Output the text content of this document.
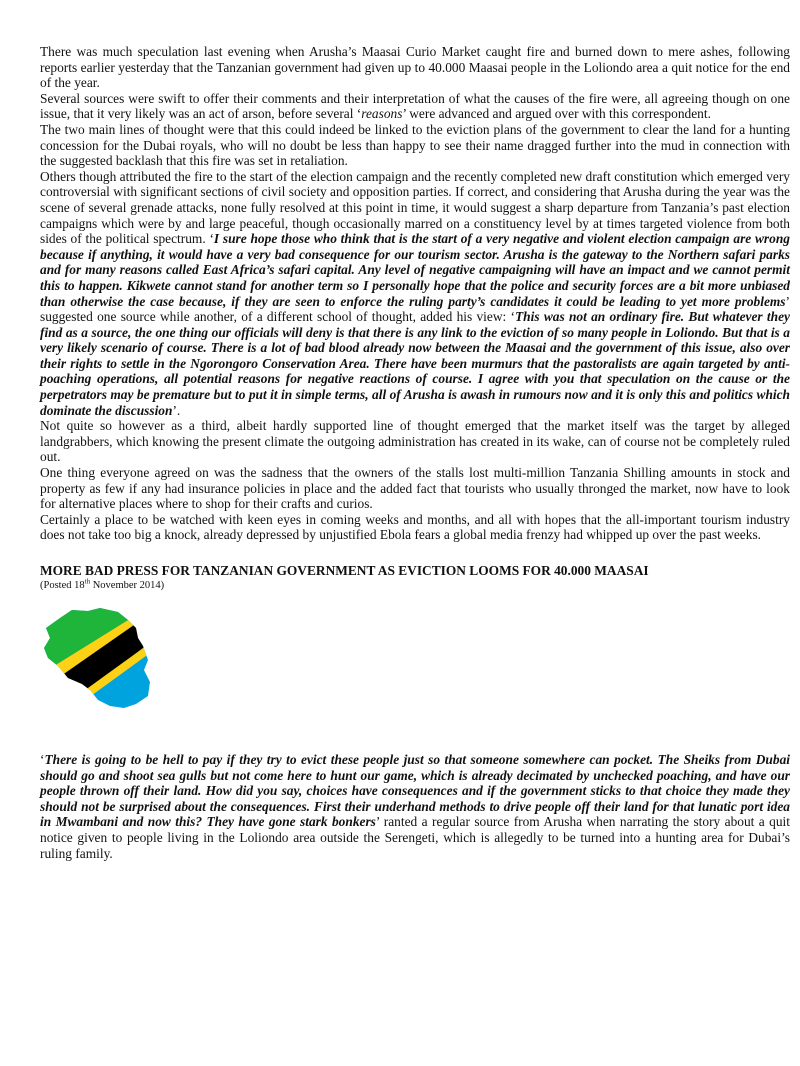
There was much speculation last evening when Arusha’s Maasai Curio Market caught fire and burned down to mere ashes, following reports earlier yesterday that the Tanzanian government had given up to 40.000 Maasai people in the Loliondo area a quit notice for the end of the year.

Several sources were swift to offer their comments and their interpretation of what the causes of the fire were, all agreeing though on one issue, that it very likely was an act of arson, before several ‘reasons’ were advanced and argued over with this correspondent.

The two main lines of thought were that this could indeed be linked to the eviction plans of the government to clear the land for a hunting concession for the Dubai royals, who will no doubt be less than happy to see their name dragged further into the mud in connection with the suggested backlash that this fire was set in retaliation.

Others though attributed the fire to the start of the election campaign and the recently completed new draft constitution which emerged very controversial with significant sections of civil society and opposition parties. If correct, and considering that Arusha during the year was the scene of several grenade attacks, none fully resolved at this point in time, it would suggest a sharp departure from Tanzania’s past election campaigns which were by and large peaceful, though occasionally marred on a constituency level by at times targeted violence from both sides of the political spectrum. ‘I sure hope those who think that is the start of a very negative and violent election campaign are wrong because if anything, it would have a very bad consequence for our tourism sector. Arusha is the gateway to the Northern safari parks and for many reasons called East Africa’s safari capital. Any level of negative campaigning will have an impact and we cannot permit this to happen. Kikwete cannot stand for another term so I personally hope that the police and security forces are a bit more unbiased than otherwise the case because, if they are seen to enforce the ruling party’s candidates it could be leading to yet more problems’ suggested one source while another, of a different school of thought, added his view: ‘This was not an ordinary fire. But whatever they find as a source, the one thing our officials will deny is that there is any link to the eviction of so many people in Loliondo. But that is a very likely scenario of course. There is a lot of bad blood already now between the Maasai and the government of this issue, also over their rights to settle in the Ngorongoro Conservation Area. There have been murmurs that the pastoralists are again targeted by anti-poaching operations, all potential reasons for negative reactions of course. I agree with you that speculation on the cause or the perpetrators may be premature but to put it in simple terms, all of Arusha is awash in rumours now and it is only this and politics which dominate the discussion’.

Not quite so however as a third, albeit hardly supported line of thought emerged that the market itself was the target by alleged landgrabbers, which knowing the present climate the outgoing administration has created in its wake, can of course not be completely ruled out.

One thing everyone agreed on was the sadness that the owners of the stalls lost multi-million Tanzania Shilling amounts in stock and property as few if any had insurance policies in place and the added fact that tourists who usually thronged the market, now have to look for alternative places where to shop for their crafts and curios.

Certainly a place to be watched with keen eyes in coming weeks and months, and all with hopes that the all-important tourism industry does not take too big a knock, already depressed by unjustified Ebola fears a global media frenzy had whipped up over the past weeks.

MORE BAD PRESS FOR TANZANIAN GOVERNMENT AS EVICTION LOOMS FOR 40.000 MAASAI

(Posted 18th November 2014)

‘There is going to be hell to pay if they try to evict these people just so that someone somewhere can pocket. The Sheiks from Dubai should go and shoot sea gulls but not come here to hunt our game, which is already decimated by unchecked poaching, and have our people thrown off their land. How did you say, choices have consequences and if the government sticks to that choice they made they should not be surprised about the consequences. First their underhand methods to drive people off their land for that lunatic port idea in Mwambani and now this? They have gone stark bonkers’ ranted a regular source from Arusha when narrating the story about a quit notice given to people living in the Loliondo area outside the Serengeti, which is allegedly to be turned into a hunting area for Dubai’s ruling family.
